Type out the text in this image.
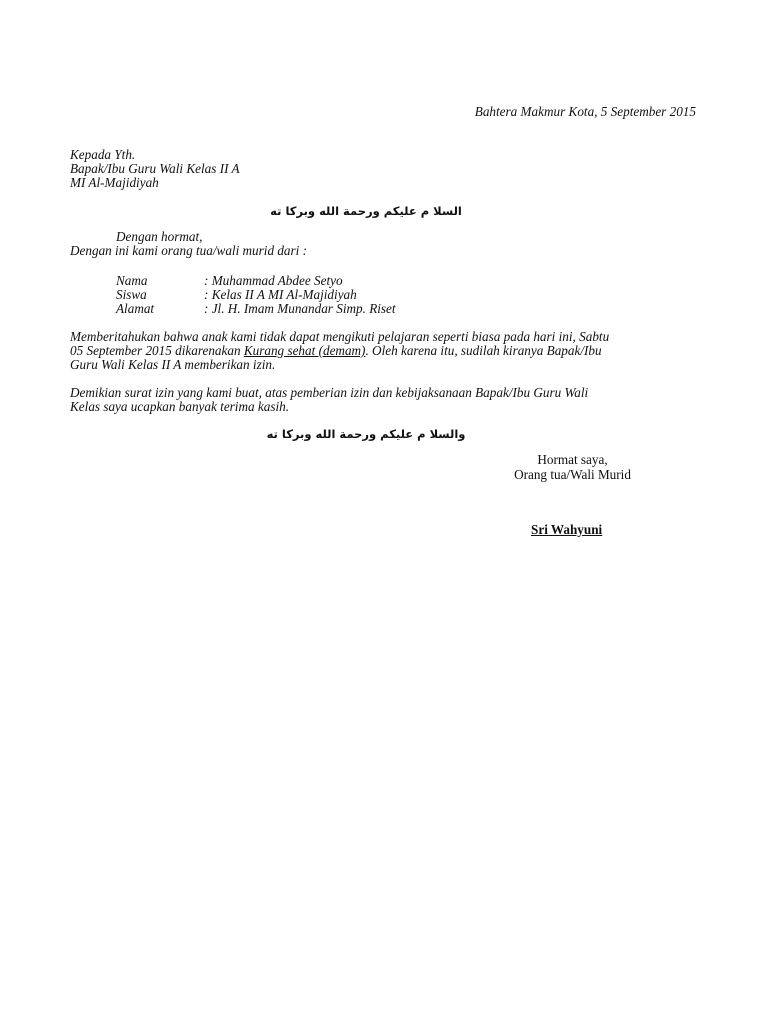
Bahtera Makmur Kota, 5 September 2015
Kepada Yth.
Bapak/Ibu Guru Wali Kelas II A
MI Al-Majidiyah
السلا م عليكم ورحمة الله وبركا ته
Dengan hormat,
Dengan ini kami orang tua/wali murid dari :
Nama	: Muhammad Abdee Setyo
Siswa	: Kelas II A MI Al-Majidiyah
Alamat	: Jl. H. Imam Munandar Simp. Riset
Memberitahukan bahwa anak kami tidak dapat mengikuti pelajaran seperti biasa pada hari ini, Sabtu
05 September 2015 dikarenakan Kurang sehat (demam). Oleh karena itu, sudilah kiranya Bapak/Ibu
Guru Wali Kelas II A memberikan izin.
Demikian surat izin yang kami buat, atas pemberian izin dan kebijaksanaan Bapak/Ibu Guru Wali
Kelas saya ucapkan banyak terima kasih.
والسلا م عليكم ورحمة الله وبركا ته
Hormat saya,
Orang tua/Wali Murid
Sri Wahyuni
